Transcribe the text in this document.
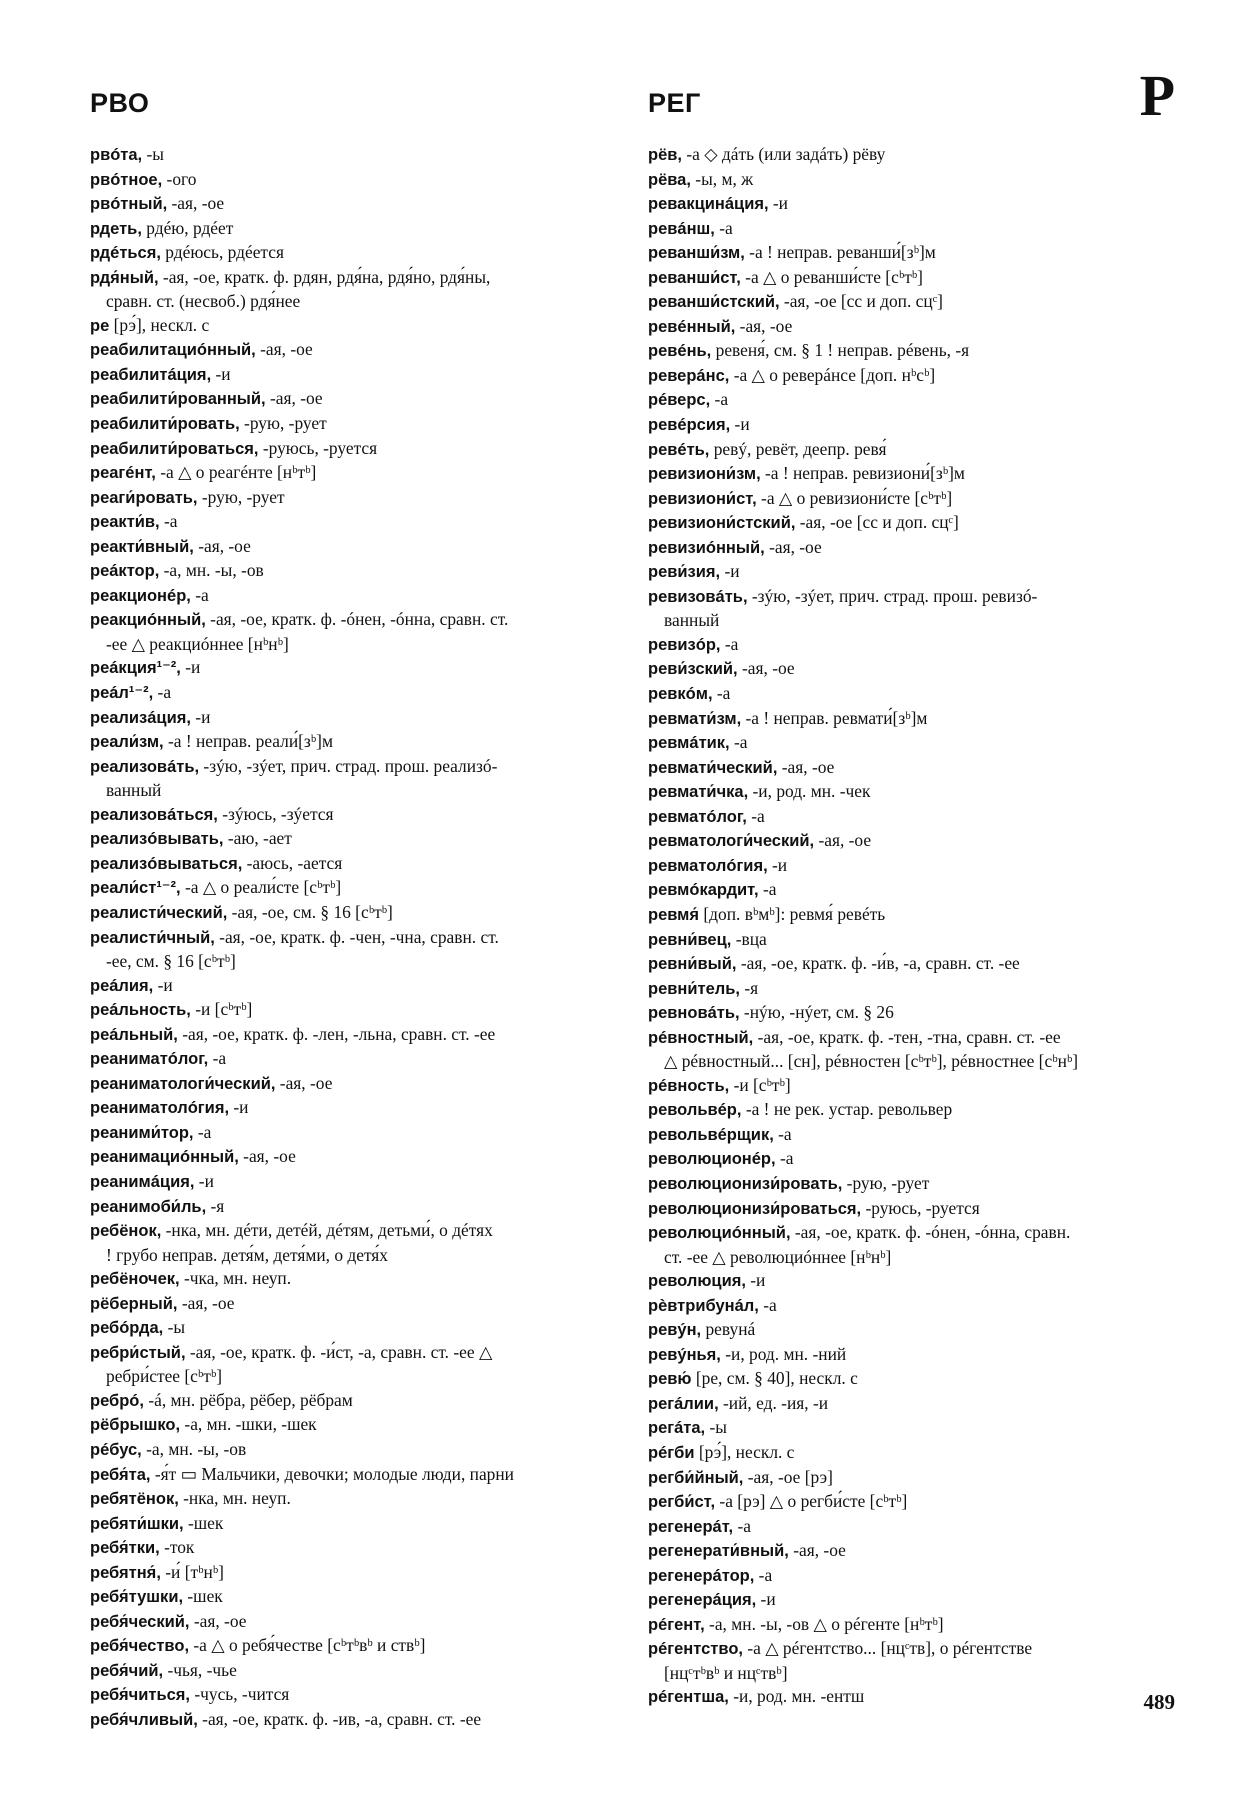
РВО	РЕГ	Р
рвóта, -ы
рвóтное, -ого
рвóтный, -ая, -ое
рдеть, рдéю, рдéет
рдéться, рдéюсь, рдéется
рдя́ный, -ая, -ое, кратк. ф. рдян, рдя́на, рдя́но, рдя́ны,
сравн. ст. (несвоб.) рдя́нее
ре [рэ́], нескл. с
реабилитациóнный, -ая, -ое
реабилитáция, -и
реабилити́рованный, -ая, -ое
реабилити́ровать, -рую, -рует
реабилити́роваться, -руюсь, -руется
реагéнт, -а △ о реагéнте [нᵇтᵇ]
реаги́ровать, -рую, -рует
реакти́в, -а
реакти́вный, -ая, -ое
реáктор, -а, мн. -ы, -ов
реакционéр, -а
реакциóнный, -ая, -ое, кратк. ф. -óнен, -óнна, сравн. ст.
-ее △ реакциóннее [нᵇнᵇ]
реáкция¹⁻², -и
реáл¹⁻², -а
реализáция, -и
реали́зм, -а ! неправ. реали́[зᵇ]м
реализовáть, -зýю, -зýет, прич. страд. прош. реализó-
ванный
реализовáться, -зýюсь, -зýется
реализóвывать, -аю, -ает
реализóвываться, -аюсь, -ается
реали́ст¹⁻², -а △ о реали́сте [сᵇтᵇ]
реалисти́ческий, -ая, -ое, см. § 16 [сᵇтᵇ]
реалисти́чный, -ая, -ое, кратк. ф. -чен, -чна, сравн. ст.
-ее, см. § 16 [сᵇтᵇ]
реáлия, -и
реáльность, -и [сᵇтᵇ]
реáльный, -ая, -ое, кратк. ф. -лен, -льна, сравн. ст. -ее
реаниматóлог, -а
реаниматологи́ческий, -ая, -ое
реаниматолóгия, -и
реаними́тор, -а
реанимациóнный, -ая, -ое
реанимáция, -и
реанимоби́ль, -я
ребёнок, -нка, мн. дéти, детéй, дéтям, детьми́, о дéтях
! грубо неправ. детя́м, детя́ми, о детя́х
ребёночек, -чка, мн. неуп.
рёберный, -ая, -ое
ребóрда, -ы
ребри́стый, -ая, -ое, кратк. ф. -и́ст, -а, сравн. ст. -ее △
ребри́стее [сᵇтᵇ]
ребрó, -á, мн. рёбра, рёбер, рёбрам
рёбрышко, -а, мн. -шки, -шек
рéбус, -а, мн. -ы, -ов
ребя́та, -я́т ▭ Мальчики, девочки; молодые люди, парни
ребятёнок, -нка, мн. неуп.
ребяти́шки, -шек
ребя́тки, -ток
ребятня́, -и́ [тᵇнᵇ]
ребя́тушки, -шек
ребя́ческий, -ая, -ое
ребя́чество, -а △ о ребя́честве [сᵇтᵇвᵇ и ствᵇ]
ребя́чий, -чья, -чье
ребя́читься, -чусь, -чится
ребя́чливый, -ая, -ое, кратк. ф. -ив, -а, сравн. ст. -ее
рёв, -а ◇ дáть (или задáть) рёву
рёва, -ы, м, ж
ревакцинáция, -и
ревáнш, -а
реванши́зм, -а ! неправ. реванши́[зᵇ]м
реванши́ст, -а △ о реванши́сте [сᵇтᵇ]
реванши́стский, -ая, -ое [сс и доп. сцᶜ]
ревéнный, -ая, -ое
ревéнь, ревеня́, см. § 1 ! неправ. рéвень, -я
реверáнс, -а △ о реверáнсе [доп. нᵇсᵇ]
рéверс, -а
ревéрсия, -и
ревéть, ревý, ревёт, деепр. ревя́
ревизиони́зм, -а ! неправ. ревизиони́[зᵇ]м
ревизиони́ст, -а △ о ревизиони́сте [сᵇтᵇ]
ревизиони́стский, -ая, -ое [сс и доп. сцᶜ]
ревизиóнный, -ая, -ое
реви́зия, -и
ревизовáть, -зýю, -зýет, прич. страд. прош. ревизó-
ванный
ревизóр, -а
реви́зский, -ая, -ое
ревкóм, -а
ревмати́зм, -а ! неправ. ревмати́[зᵇ]м
ревмáтик, -а
ревмати́ческий, -ая, -ое
ревмати́чка, -и, род. мн. -чек
ревматóлог, -а
ревматологи́ческий, -ая, -ое
ревматолóгия, -и
ревмóкардит, -а
ревмя́ [доп. вᵇмᵇ]: ревмя́ ревéть
ревни́вец, -вца
ревни́вый, -ая, -ое, кратк. ф. -и́в, -а, сравн. ст. -ее
ревни́тель, -я
ревновáть, -нýю, -нýет, см. § 26
рéвностный, -ая, -ое, кратк. ф. -тен, -тна, сравн. ст. -ее
△ рéвностный... [сн], рéвностен [сᵇтᵇ], рéвностнее [сᵇнᵇ]
рéвность, -и [сᵇтᵇ]
револьвéр, -а ! не рек. устар. револьвер
револьвéрщик, -а
революционéр, -а
революционизи́ровать, -рую, -рует
революционизи́роваться, -руюсь, -руется
революциóнный, -ая, -ое, кратк. ф. -óнен, -óнна, сравн.
ст. -ее △ революциóннее [нᵇнᵇ]
революция, -и
рèвтрибунáл, -а
ревýн, ревунá
ревýнья, -и, род. мн. -ний
ревю́ [ре, см. § 40], нескл. с
регáлии, -ий, ед. -ия, -и
регáта, -ы
рéгби [рэ́], нескл. с
регби́йный, -ая, -ое [рэ]
регби́ст, -а [рэ] △ о регби́сте [сᵇтᵇ]
регенерáт, -а
регенерати́вный, -ая, -ое
регенерáтор, -а
регенерáция, -и
рéгент, -а, мн. -ы, -ов △ о рéгенте [нᵇтᵇ]
рéгентство, -а △ рéгентство... [нцᶜтв], о рéгентстве
[нцᶜтᵇвᵇ и нцᶜтвᵇ]
рéгентша, -и, род. мн. -ентш	489
